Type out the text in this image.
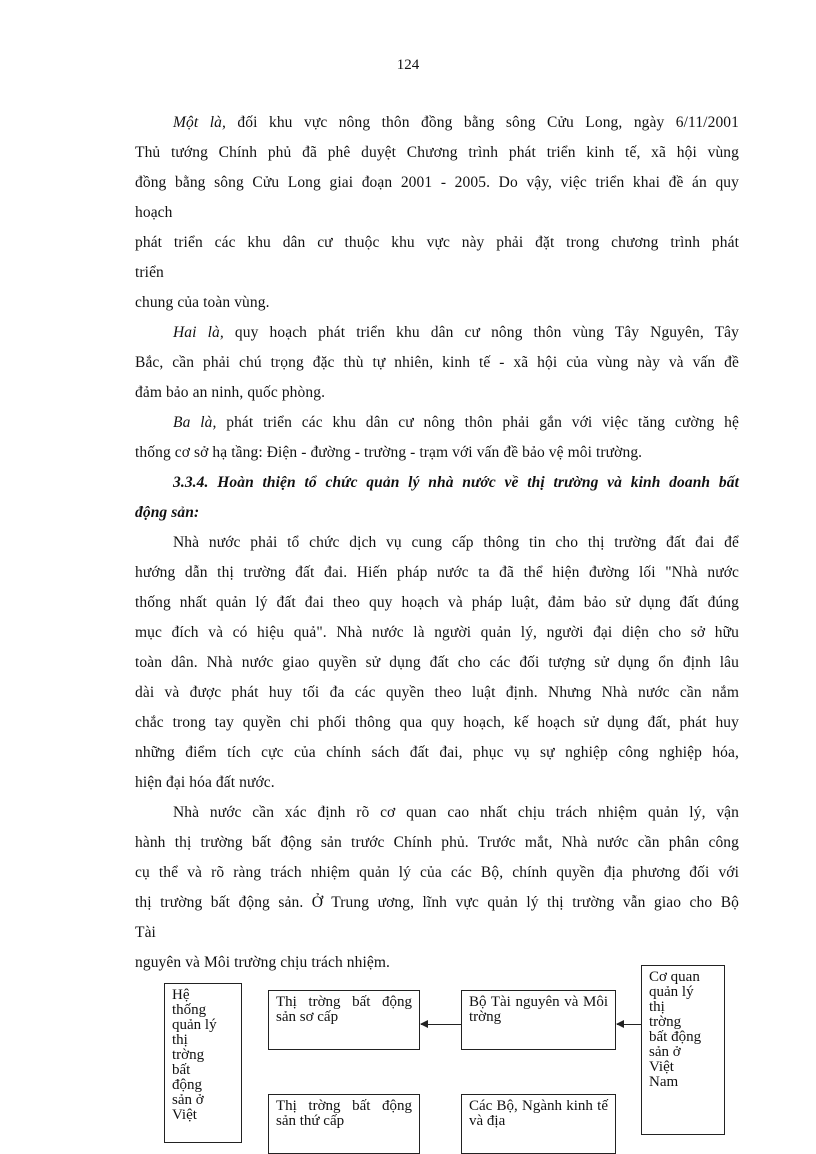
124
Một là, đối khu vực nông thôn đồng bằng sông Cửu Long, ngày 6/11/2001
Thủ tướng Chính phủ đã phê duyệt Chương trình phát triển kinh tế, xã hội vùng
đồng bằng sông Cửu Long giai đoạn 2001 - 2005. Do vậy, việc triển khai đề án quy
hoạch
phát triển các khu dân cư thuộc khu vực này phải đặt trong chương trình phát
triển
chung của toàn vùng.
Hai là, quy hoạch phát triển khu dân cư nông thôn vùng Tây Nguyên, Tây
Bắc, cần phải chú trọng đặc thù tự nhiên, kinh tế - xã hội của vùng này và vấn đề
đảm bảo an ninh, quốc phòng.
Ba là, phát triển các khu dân cư nông thôn phải gắn với việc tăng cường hệ
thống cơ sở hạ tầng: Điện - đường - trường - trạm với vấn đề bảo vệ môi trường.
3.3.4. Hoàn thiện tổ chức quản lý nhà nước về thị trường và kinh doanh bất
động sản:
Nhà nước phải tổ chức dịch vụ cung cấp thông tin cho thị trường đất đai để
hướng dẫn thị trường đất đai. Hiến pháp nước ta đã thể hiện đường lối "Nhà nước
thống nhất quản lý đất đai theo quy hoạch và pháp luật, đảm bảo sử dụng đất đúng
mục đích và có hiệu quả". Nhà nước là người quản lý, người đại diện cho sở hữu
toàn dân. Nhà nước giao quyền sử dụng đất cho các đối tượng sử dụng ổn định lâu
dài và được phát huy tối đa các quyền theo luật định. Nhưng Nhà nước cần nắm
chắc trong tay quyền chi phối thông qua quy hoạch, kế hoạch sử dụng đất, phát huy
những điểm tích cực của chính sách đất đai, phục vụ sự nghiệp công nghiệp hóa,
hiện đại hóa đất nước.
Nhà nước cần xác định rõ cơ quan cao nhất chịu trách nhiệm quản lý, vận
hành thị trường bất động sản trước Chính phủ. Trước mắt, Nhà nước cần phân công
cụ thể và rõ ràng trách nhiệm quản lý của các Bộ, chính quyền địa phương đối với
thị trường bất động sản. Ở Trung ương, lĩnh vực quản lý thị trường vẫn giao cho Bộ
Tài
nguyên và Môi trường chịu trách nhiệm.
Hệ
thống
quản lý
thị
trờng
bất
động
sản ở
Việt
Thị trờng bất động sản sơ cấp
Bộ Tài nguyên và Môi trờng
Cơ quan
quản lý
thị
trờng
bất động
sản ở
Việt
Nam
Thị trờng bất động sản thứ cấp
Các Bộ, Ngành kinh tế và địa
